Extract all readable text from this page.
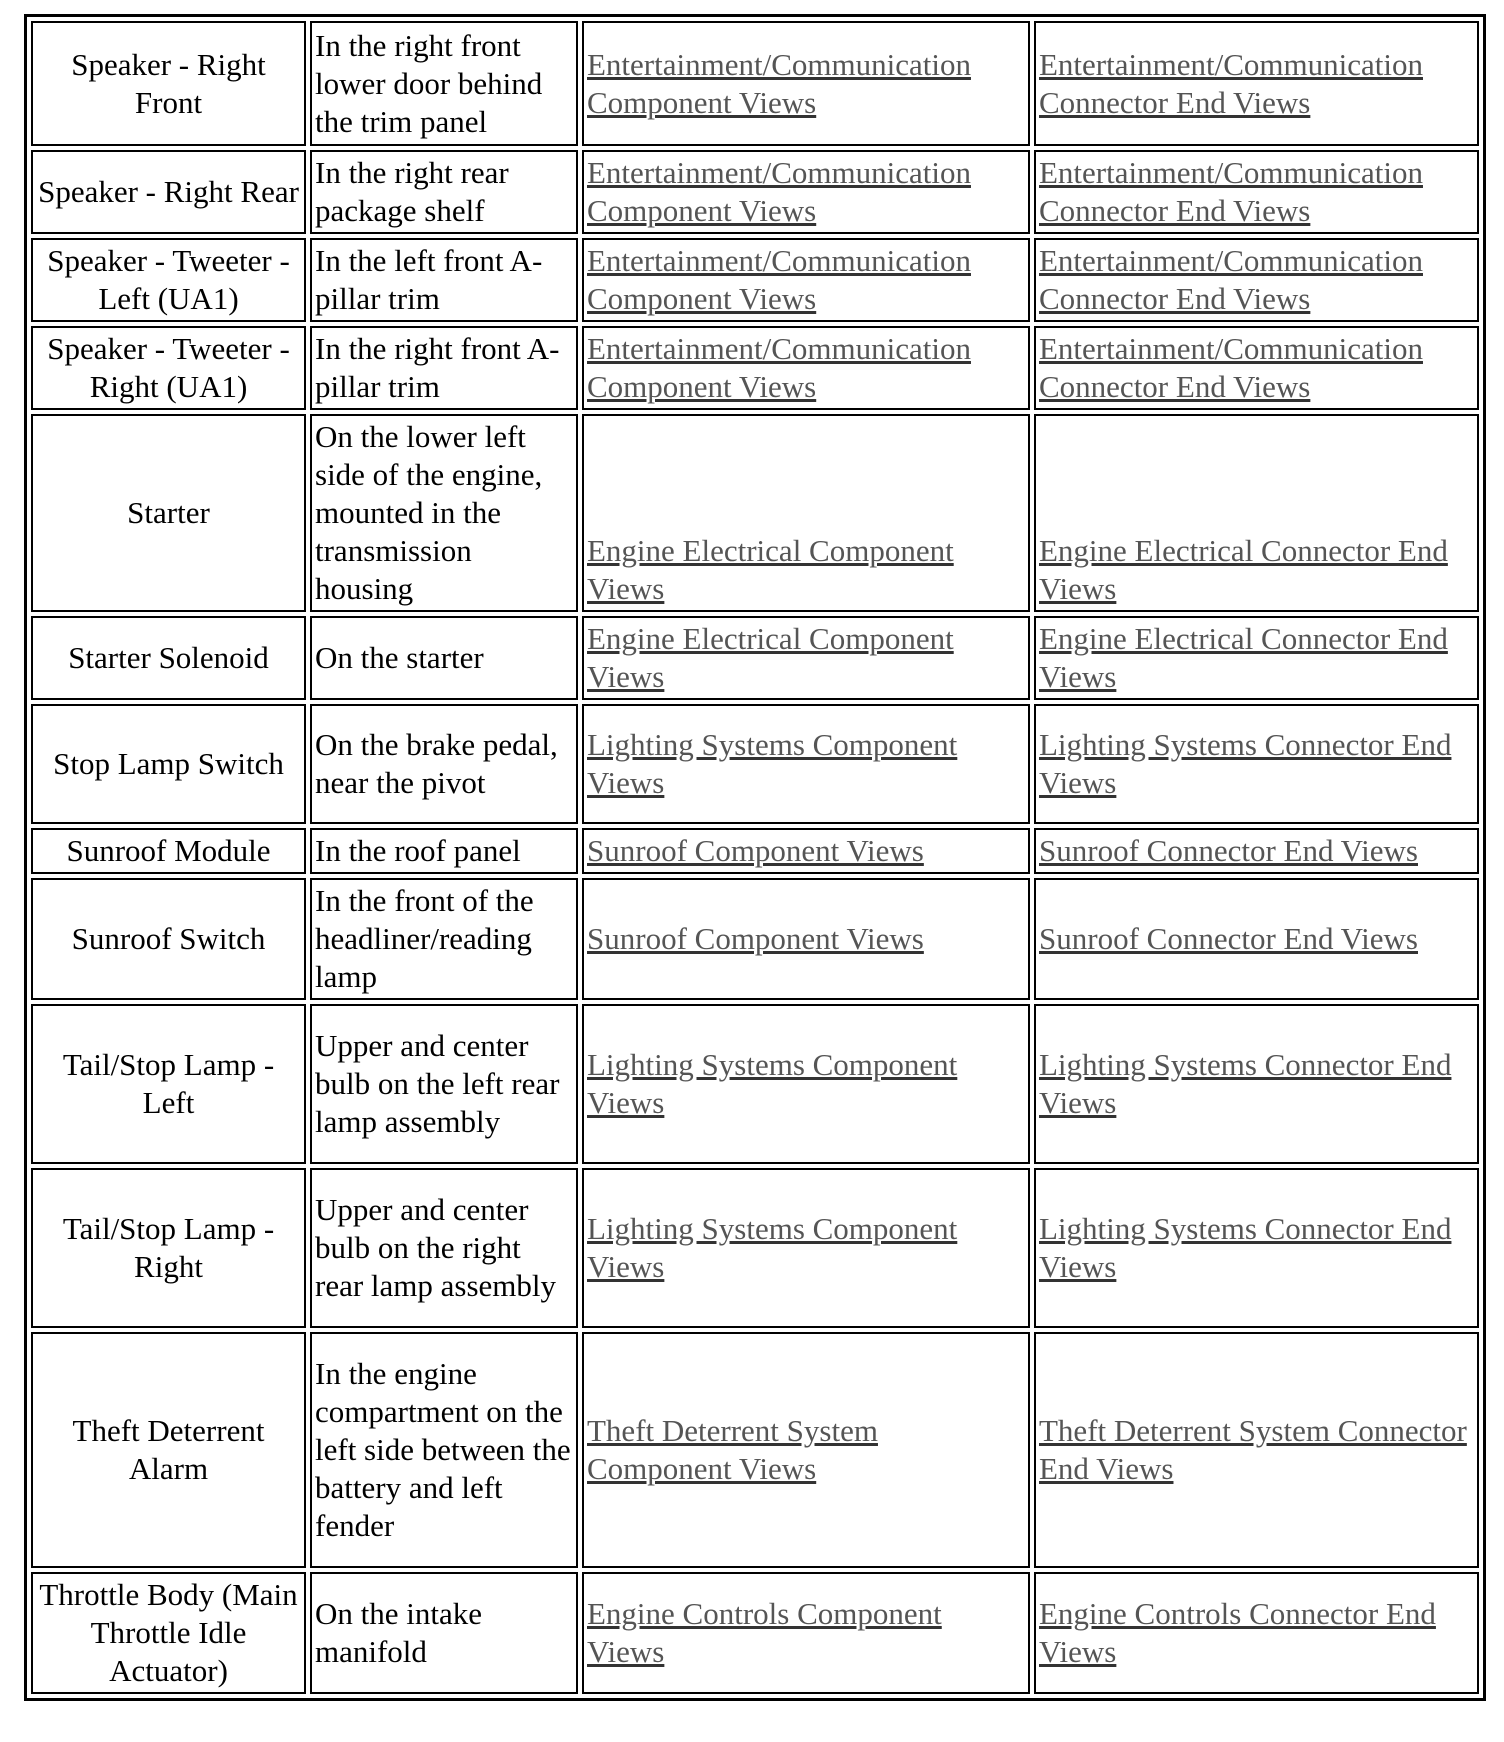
Speaker - Right Front	In the right front lower door behind the trim panel	Entertainment/Communication Component Views	Entertainment/Communication Connector End Views
Speaker - Right Rear	In the right rear package shelf	Entertainment/Communication Component Views	Entertainment/Communication Connector End Views
Speaker - Tweeter - Left (UA1)	In the left front A-pillar trim	Entertainment/Communication Component Views	Entertainment/Communication Connector End Views
Speaker - Tweeter - Right (UA1)	In the right front A-pillar trim	Entertainment/Communication Component Views	Entertainment/Communication Connector End Views
Starter	On the lower left side of the engine, mounted in the transmission housing	Engine Electrical Component Views	Engine Electrical Connector End Views
Starter Solenoid	On the starter	Engine Electrical Component Views	Engine Electrical Connector End Views
Stop Lamp Switch	On the brake pedal, near the pivot	Lighting Systems Component Views	Lighting Systems Connector End Views
Sunroof Module	In the roof panel	Sunroof Component Views	Sunroof Connector End Views
Sunroof Switch	In the front of the headliner/reading lamp	Sunroof Component Views	Sunroof Connector End Views
Tail/Stop Lamp - Left	Upper and center bulb on the left rear lamp assembly	Lighting Systems Component Views	Lighting Systems Connector End Views
Tail/Stop Lamp - Right	Upper and center bulb on the right rear lamp assembly	Lighting Systems Component Views	Lighting Systems Connector End Views
Theft Deterrent Alarm	In the engine compartment on the left side between the battery and left fender	Theft Deterrent System Component Views	Theft Deterrent System Connector End Views
Throttle Body (Main Throttle Idle Actuator)	On the intake manifold	Engine Controls Component Views	Engine Controls Connector End Views
